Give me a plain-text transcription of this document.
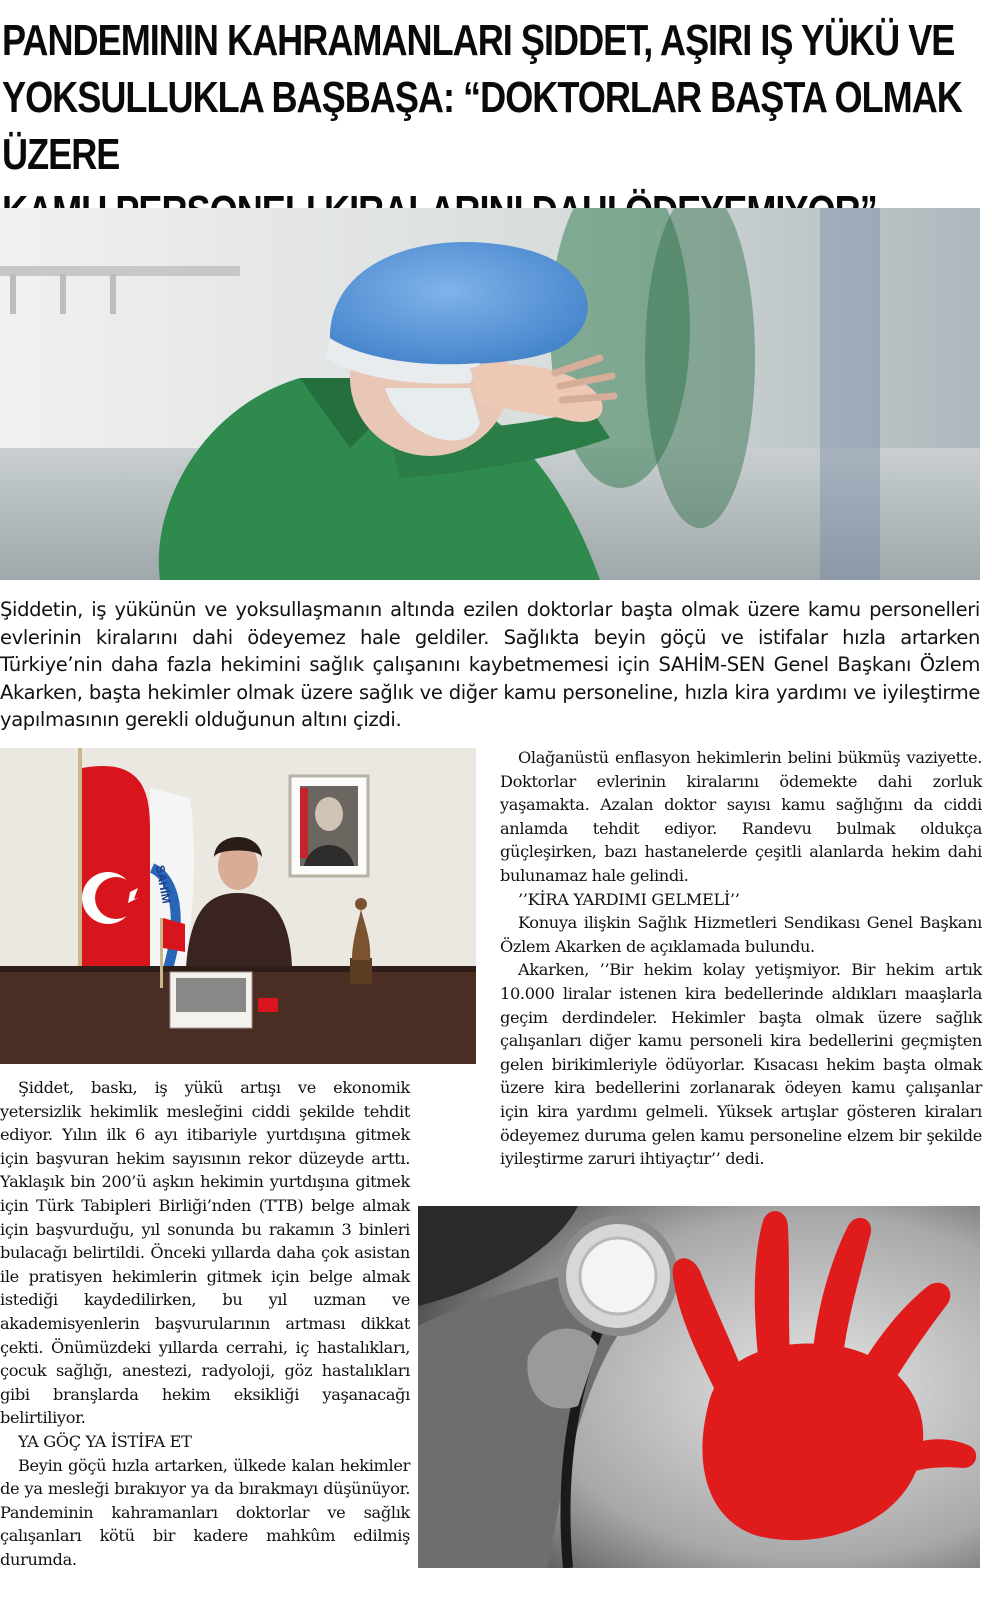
PANDEMININ KAHRAMANLARI ŞIDDET, AŞIRI IŞ YÜKÜ VE
YOKSULLUKLA BAŞBAŞA: “DOKTORLAR BAŞTA OLMAK ÜZERE

Şiddetin, iş yükünün ve yoksullaşmanın altında ezilen doktorlar başta olmak üzere kamu personelleri evlerinin kiralarını dahi ödeyemez hale geldiler. Sağlıkta beyin göçü ve istifalar hızla artarken Türkiye’nin daha fazla hekimini sağlık çalışanını kaybetmemesi için SAHİM-SEN Genel Başkanı Özlem Akarken, başta hekimler olmak üzere sağlık ve diğer kamu personeline, hızla kira yardımı ve iyileştirme yapılmasının gerekli olduğunun altını çizdi.

SAHİM

Olağanüstü enflasyon hekimlerin belini bükmüş vaziyette. Doktorlar evlerinin kiralarını ödemekte dahi zorluk yaşamakta. Azalan doktor sayısı kamu sağlığını da ciddi anlamda tehdit ediyor. Randevu bulmak oldukça güçleşirken, bazı hastanelerde çeşitli alanlarda hekim dahi bulunamaz hale gelindi.

’’KİRA YARDIMI GELMELİ’’

Konuya ilişkin Sağlık Hizmetleri Sendikası Genel Başkanı Özlem Akarken de açıklamada bulundu.

Akarken, ’’Bir hekim kolay yetişmiyor. Bir hekim artık 10.000 liralar istenen kira bedellerinde aldıkları maaşlarla geçim derdindeler. Hekimler başta olmak üzere sağlık çalışanları diğer kamu personeli kira bedellerini geçmişten gelen birikimleriyle ödüyorlar. Kısacası hekim başta olmak üzere kira bedellerini zorlanarak ödeyen kamu çalışanlar için kira yardımı gelmeli. Yüksek artışlar gösteren kiraları ödeyemez duruma gelen kamu personeline elzem bir şekilde iyileştirme zaruri ihtiyaçtır’’ dedi.

Şiddet, baskı, iş yükü artışı ve ekonomik yetersizlik hekimlik mesleğini ciddi şekilde tehdit ediyor. Yılın ilk 6 ayı itibariyle yurtdışına gitmek için başvuran hekim sayısının rekor düzeyde arttı. Yaklaşık bin 200’ü aşkın hekimin yurtdışına gitmek için Türk Tabipleri Birliği’nden (TTB) belge almak için başvurduğu, yıl sonunda bu rakamın 3 binleri bulacağı belirtildi. Önceki yıllarda daha çok asistan ile pratisyen hekimlerin gitmek için belge almak istediği kaydedilirken, bu yıl uzman ve akademisyenlerin başvurularının artması dikkat çekti. Önümüzdeki yıllarda cerrahi, iç hastalıkları, çocuk sağlığı, anestezi, radyoloji, göz hastalıkları gibi branşlarda hekim eksikliği yaşanacağı belirtiliyor.

YA GÖÇ YA İSTİFA ET

Beyin göçü hızla artarken, ülkede kalan hekimler de ya mesleği bırakıyor ya da bırakmayı düşünüyor. Pandeminin kahramanları doktorlar ve sağlık çalışanları kötü bir kadere mahkûm edilmiş durumda.
